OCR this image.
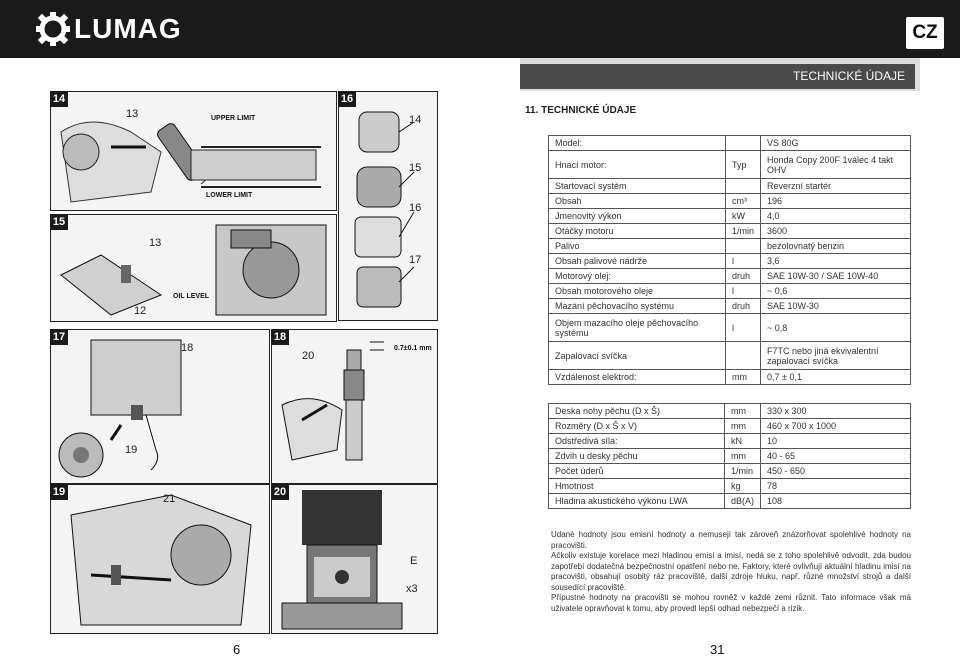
LUMAG	CZ
TECHNICKÉ ÚDAJE
11. TECHNICKÉ ÚDAJE
Model:		VS 80G
Hnací motor:	Typ	Honda Copy 200F 1válec 4 takt OHV
Startovací systém		Reverzní startér
Obsah	cm³	196
Jmenovitý výkon	kW	4,0
Otáčky motoru	1/min	3600
Palivo		bezolovnatý benzin
Obsah palivové nádrže	l	3,6
Motorový olej:	druh	SAE 10W-30 / SAE 10W-40
Obsah motorového oleje	l	~ 0,6
Mazání pěchovacího systému	druh	SAE 10W-30
Objem mazacího oleje pěchovacího systému	l	~ 0,8
Zapalovací svíčka		F7TC nebo jiná ekvivalentní zapalovací svíčka
Vzdálenost elektrod:	mm	0,7 ± 0,1
Deska nohy pěchu (D x Š)	mm	330 x 300
Rozměry (D x Š x V)	mm	460 x 700 x 1000
Odstředivá síla:	kN	10
Zdvih u desky pěchu	mm	40 - 65
Počet úderů	1/min	450 - 650
Hmotnost	kg	78
Hladina akustického výkonu LWA	dB(A)	108

Udané hodnoty jsou emisní hodnoty a nemusejí tak zároveň znázorňovat spolehlivé hodnoty na pracovišti.

Ačkoliv existuje korelace mezi hladinou emisí a imisí, nedá se z toho spolehlivě odvodit, zda budou zapotřebí dodatečná bezpečnostní opatření nebo ne. Faktory, které ovlivňují aktuální hladinu imisí na pracovišti, obsahují osobitý ráz pracoviště, další zdroje hluku, např. různé množství strojů a další sousedící pracoviště.

Přípustné hodnoty na pracovišti se mohou rovněž v každé zemi různit. Tato informace však má uživatele opravňovat k tomu, aby provedl lepší odhad nebezpečí a rizik.

6	31
13	UPPER LIMIT
LOWER LIMIT
14
14
15
16
17
16
13
12
OIL LEVEL
15
18
19
17
20
0.7±0.1 mm
18
21
19
E
x3
20
